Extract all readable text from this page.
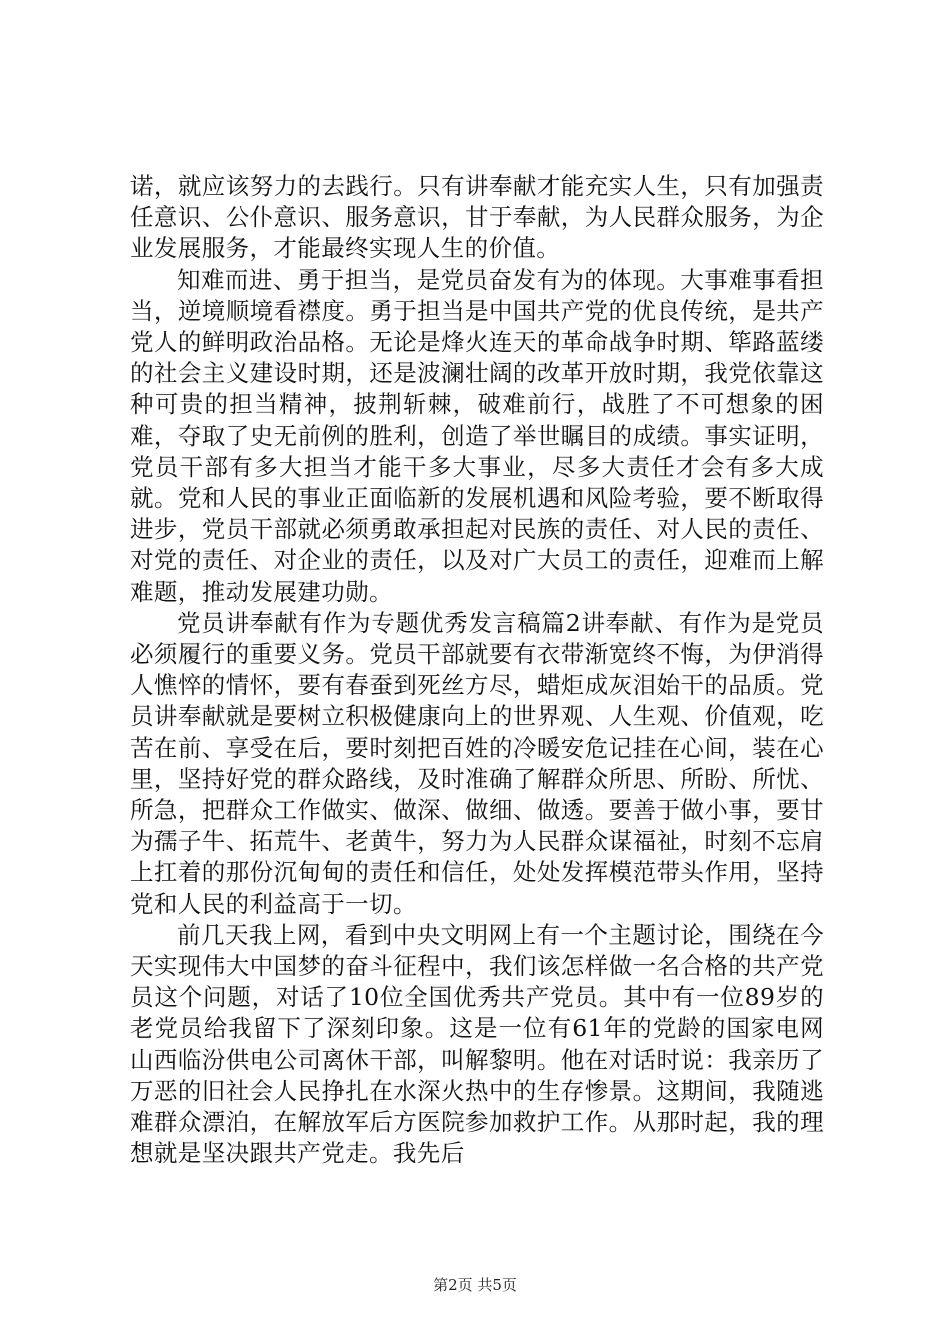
诺，就应该努力的去践行。只有讲奉献才能充实人生，只有加强责任意识、公仆意识、服务意识，甘于奉献，为人民群众服务，为企业发展服务，才能最终实现人生的价值。

知难而进、勇于担当，是党员奋发有为的体现。大事难事看担当，逆境顺境看襟度。勇于担当是中国共产党的优良传统，是共产党人的鲜明政治品格。无论是烽火连天的革命战争时期、筚路蓝缕的社会主义建设时期，还是波澜壮阔的改革开放时期，我党依靠这种可贵的担当精神，披荆斩棘，破难前行，战胜了不可想象的困难，夺取了史无前例的胜利，创造了举世瞩目的成绩。事实证明，党员干部有多大担当才能干多大事业，尽多大责任才会有多大成就。党和人民的事业正面临新的发展机遇和风险考验，要不断取得进步，党员干部就必须勇敢承担起对民族的责任、对人民的责任、对党的责任、对企业的责任，以及对广大员工的责任，迎难而上解难题，推动发展建功勋。

党员讲奉献有作为专题优秀发言稿篇2讲奉献、有作为是党员必须履行的重要义务。党员干部就要有衣带渐宽终不悔，为伊消得人憔悴的情怀，要有春蚕到死丝方尽，蜡炬成灰泪始干的品质。党员讲奉献就是要树立积极健康向上的世界观、人生观、价值观，吃苦在前、享受在后，要时刻把百姓的冷暖安危记挂在心间，装在心里，坚持好党的群众路线，及时准确了解群众所思、所盼、所忧、所急，把群众工作做实、做深、做细、做透。要善于做小事，要甘为孺子牛、拓荒牛、老黄牛，努力为人民群众谋福祉，时刻不忘肩上扛着的那份沉甸甸的责任和信任，处处发挥模范带头作用，坚持党和人民的利益高于一切。

前几天我上网，看到中央文明网上有一个主题讨论，围绕在今天实现伟大中国梦的奋斗征程中，我们该怎样做一名合格的共产党员这个问题，对话了10位全国优秀共产党员。其中有一位89岁的老党员给我留下了深刻印象。这是一位有61年的党龄的国家电网山西临汾供电公司离休干部，叫解黎明。他在对话时说：我亲历了万恶的旧社会人民挣扎在水深火热中的生存惨景。这期间，我随逃难群众漂泊，在解放军后方医院参加救护工作。从那时起，我的理想就是坚决跟共产党走。我先后

第2页 共5页
